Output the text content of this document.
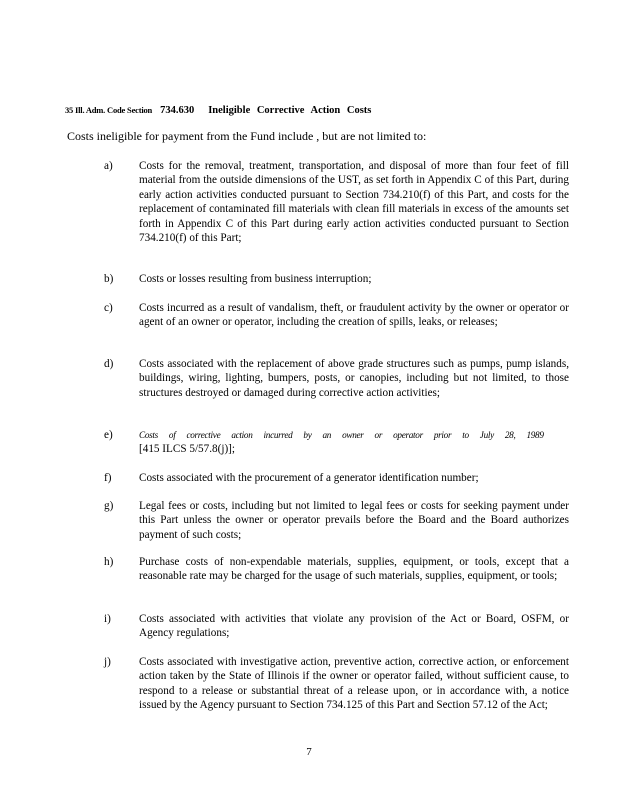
35 Ill. Adm. Code Section 734.630 Ineligible Corrective Action Costs
Costs ineligible for payment from the Fund include , but are not limited to:
a) Costs for the removal, treatment, transportation, and disposal of more than four feet of fill material from the outside dimensions of the UST, as set forth in Appendix C of this Part, during early action activities conducted pursuant to Section 734.210(f) of this Part, and costs for the replacement of contaminated fill materials with clean fill materials in excess of the amounts set forth in Appendix C of this Part during early action activities conducted pursuant to Section 734.210(f) of this Part;
b) Costs or losses resulting from business interruption;
c) Costs incurred as a result of vandalism, theft, or fraudulent activity by the owner or operator or agent of an owner or operator, including the creation of spills, leaks, or releases;
d) Costs associated with the replacement of above grade structures such as pumps, pump islands, buildings, wiring, lighting, bumpers, posts, or canopies, including but not limited, to those structures destroyed or damaged during corrective action activities;
e)	Costs of corrective action incurred by an owner or operator prior to July 28, 1989
[415 ILCS 5/57.8(j)];
f) Costs associated with the procurement of a generator identification number;
g) Legal fees or costs, including but not limited to legal fees or costs for seeking payment under this Part unless the owner or operator prevails before the Board and the Board authorizes payment of such costs;
h) Purchase costs of non-expendable materials, supplies, equipment, or tools, except that a reasonable rate may be charged for the usage of such materials, supplies, equipment, or tools;
i)	Costs associated with activities that violate any provision of the Act or Board, OSFM, or Agency regulations;
j)	Costs associated with investigative action, preventive action, corrective action, or enforcement action taken by the State of Illinois if the owner or operator failed, without sufficient cause, to respond to a release or substantial threat of a release upon, or in accordance with, a notice issued by the Agency pursuant to Section 734.125 of this Part and Section 57.12 of the Act;
7
